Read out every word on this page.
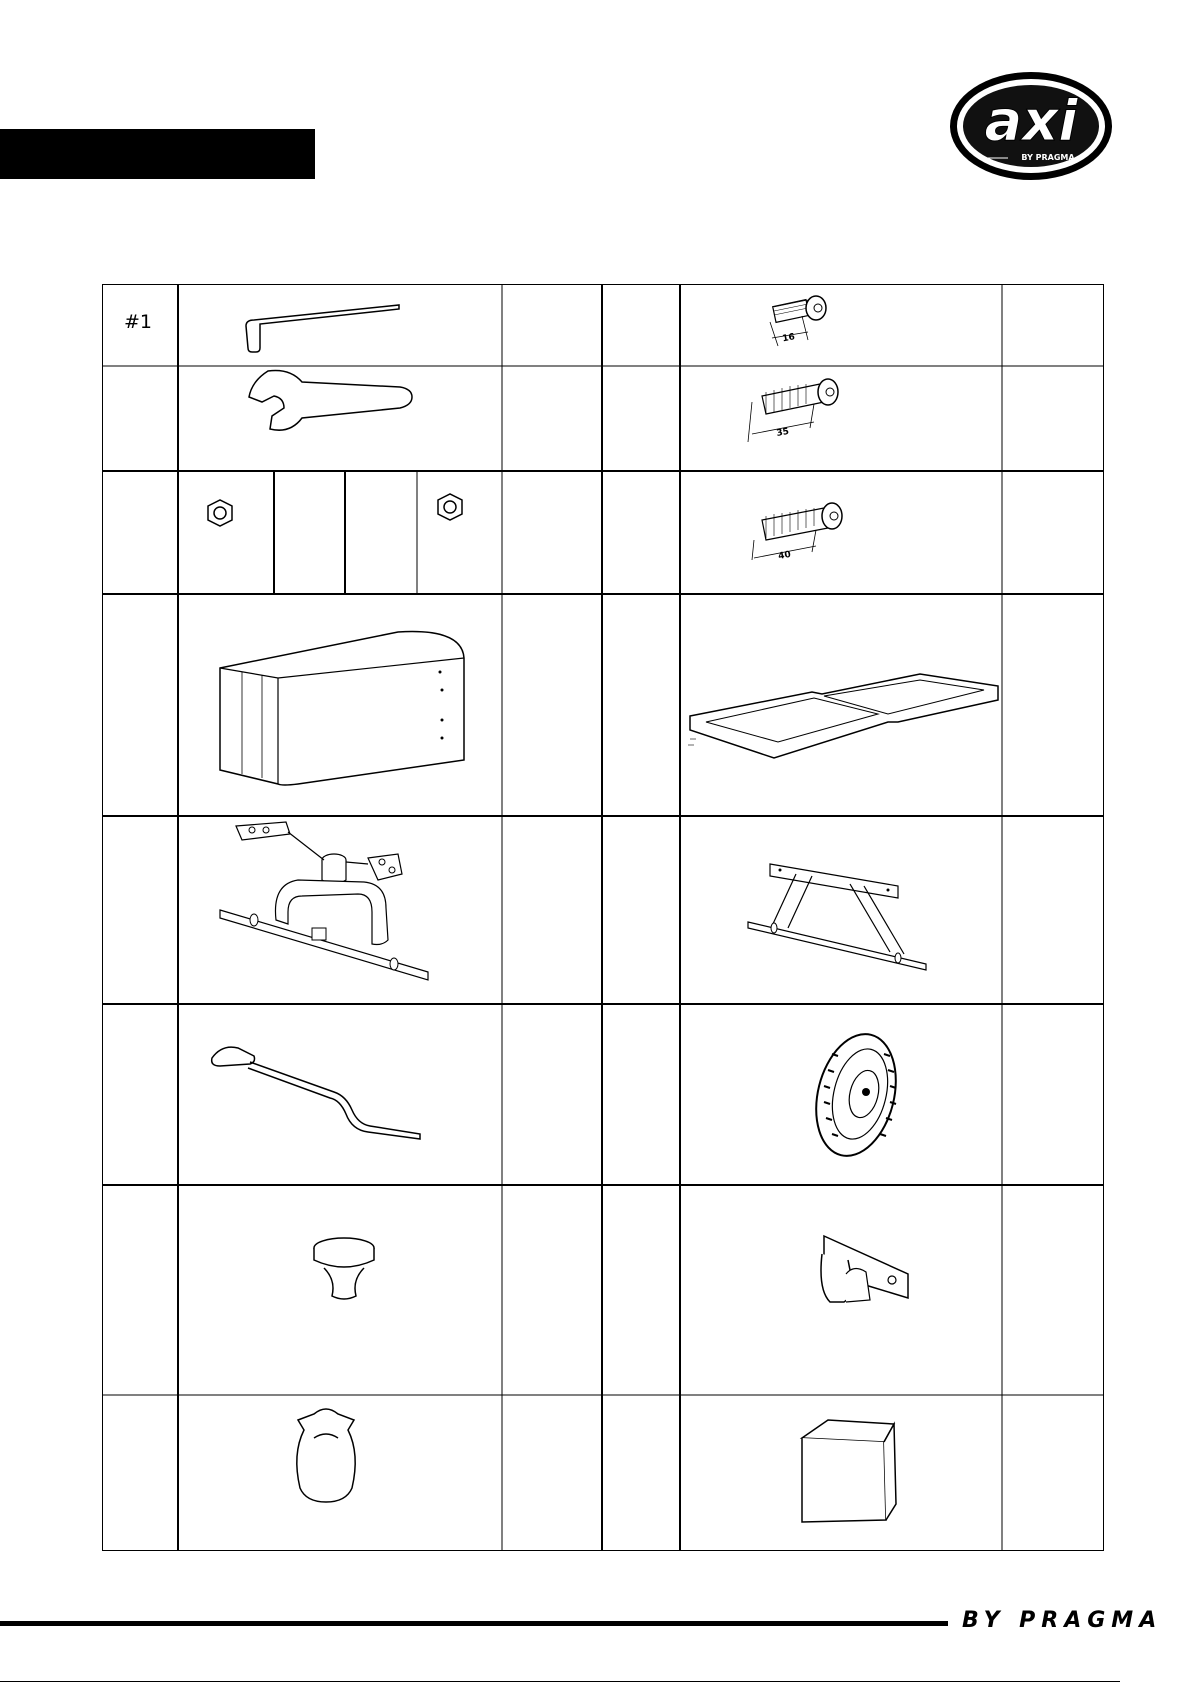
axi
BY PRAGMA
16
35
40
#1
BY PRAGMA
